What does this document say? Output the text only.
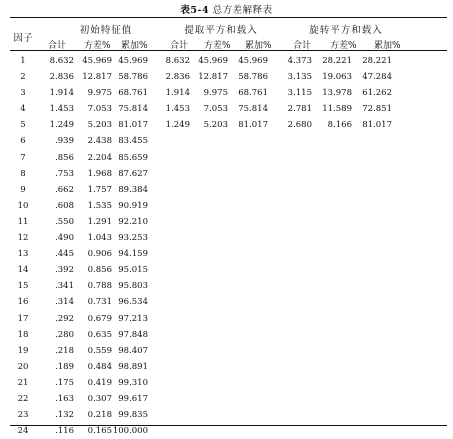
表5-4 总方差解释表
因子
初始特征值	提取平方和载入	旋转平方和载入
合计 方差% 累加% 合计 方差% 累加% 合计 方差% 累加%
1	8.632	45.969	45.969	8.632	45.969	45.969	4.373	28.221	28.221
2	2.836	12.817	58.786	2.836	12.817	58.786	3.135	19.063	47.284
3	1.914	9.975	68.761	1.914	9.975	68.761	3.115	13.978	61.262
4	1.453	7.053	75.814	1.453	7.053	75.814	2.781	11.589	72.851
5	1.249	5.203	81.017	1.249	5.203	81.017	2.680	8.166	81.017
6	.939	2.438	83.455						
7	.856	2.204	85.659						
8	.753	1.968	87.627						
9	.662	1.757	89.384						
10	.608	1.535	90.919						
11	.550	1.291	92.210						
12	.490	1.043	93.253						
13	.445	0.906	94.159						
14	.392	0.856	95.015						
15	.341	0.788	95.803						
16	.314	0.731	96.534						
17	.292	0.679	97.213						
18	.280	0.635	97.848						
19	.218	0.559	98.407						
20	.189	0.484	98.891						
21	.175	0.419	99.310						
22	.163	0.307	99.617						
23	.132	0.218	99.835						
24	.116	0.165	100.000						
